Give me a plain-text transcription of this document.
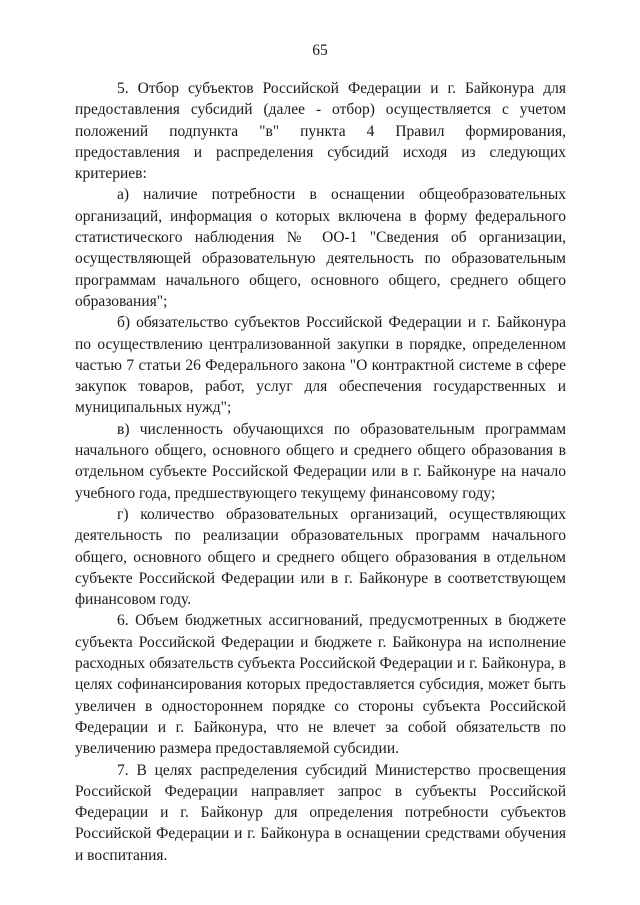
65

5. Отбор субъектов Российской Федерации и г. Байконура для предоставления субсидий (далее - отбор) осуществляется с учетом положений подпункта "в" пункта 4 Правил формирования, предоставления и распределения субсидий исходя из следующих критериев:

а) наличие потребности в оснащении общеобразовательных организаций, информация о которых включена в форму федерального статистического наблюдения № ОО-1 "Сведения об организации, осуществляющей образовательную деятельность по образовательным программам начального общего, основного общего, среднего общего образования";

б) обязательство субъектов Российской Федерации и г. Байконура по осуществлению централизованной закупки в порядке, определенном частью 7 статьи 26 Федерального закона "О контрактной системе в сфере закупок товаров, работ, услуг для обеспечения государственных и муниципальных нужд";

в) численность обучающихся по образовательным программам начального общего, основного общего и среднего общего образования в отдельном субъекте Российской Федерации или в г. Байконуре на начало учебного года, предшествующего текущему финансовому году;

г) количество образовательных организаций, осуществляющих деятельность по реализации образовательных программ начального общего, основного общего и среднего общего образования в отдельном субъекте Российской Федерации или в г. Байконуре в соответствующем финансовом году.

6. Объем бюджетных ассигнований, предусмотренных в бюджете субъекта Российской Федерации и бюджете г. Байконура на исполнение расходных обязательств субъекта Российской Федерации и г. Байконура, в целях софинансирования которых предоставляется субсидия, может быть увеличен в одностороннем порядке со стороны субъекта Российской Федерации и г. Байконура, что не влечет за собой обязательств по увеличению размера предоставляемой субсидии.

7. В целях распределения субсидий Министерство просвещения Российской Федерации направляет запрос в субъекты Российской Федерации и г. Байконур для определения потребности субъектов Российской Федерации и г. Байконура в оснащении средствами обучения и воспитания.
